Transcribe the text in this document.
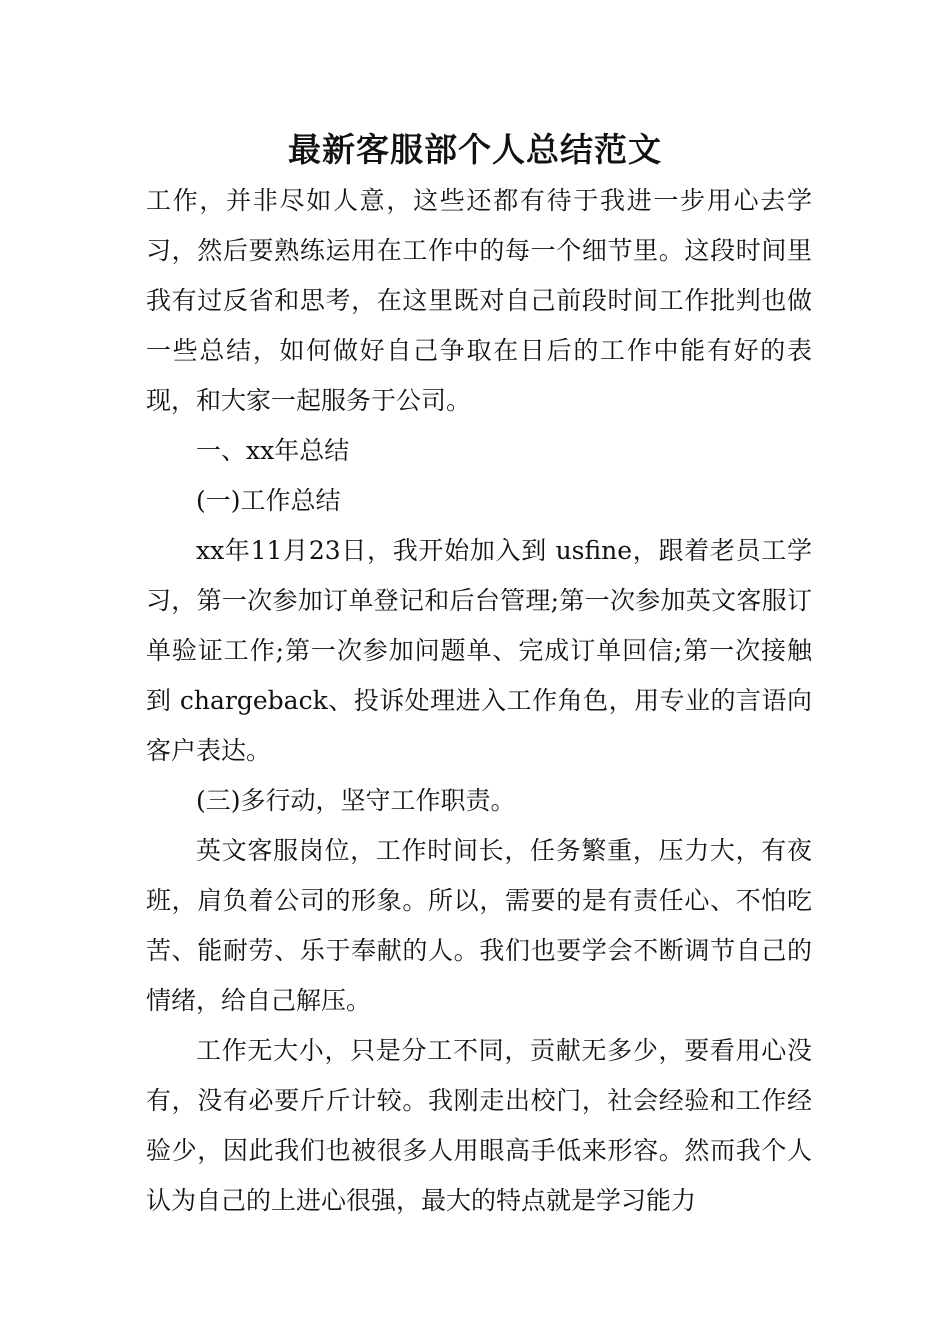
最新客服部个人总结范文

工作，并非尽如人意，这些还都有待于我进一步用心去学习，然后要熟练运用在工作中的每一个细节里。这段时间里我有过反省和思考，在这里既对自己前段时间工作批判也做一些总结，如何做好自己争取在日后的工作中能有好的表现，和大家一起服务于公司。

一、xx年总结

(一)工作总结

xx年11月23日，我开始加入到 usfine，跟着老员工学习，第一次参加订单登记和后台管理;第一次参加英文客服订单验证工作;第一次参加问题单、完成订单回信;第一次接触到 chargeback、投诉处理进入工作角色，用专业的言语向客户表达。

(三)多行动，坚守工作职责。

英文客服岗位，工作时间长，任务繁重，压力大，有夜班，肩负着公司的形象。所以，需要的是有责任心、不怕吃苦、能耐劳、乐于奉献的人。我们也要学会不断调节自己的情绪，给自己解压。

工作无大小，只是分工不同，贡献无多少，要看用心没有，没有必要斤斤计较。我刚走出校门，社会经验和工作经验少，因此我们也被很多人用眼高手低来形容。然而我个人认为自己的上进心很强，最大的特点就是学习能力
